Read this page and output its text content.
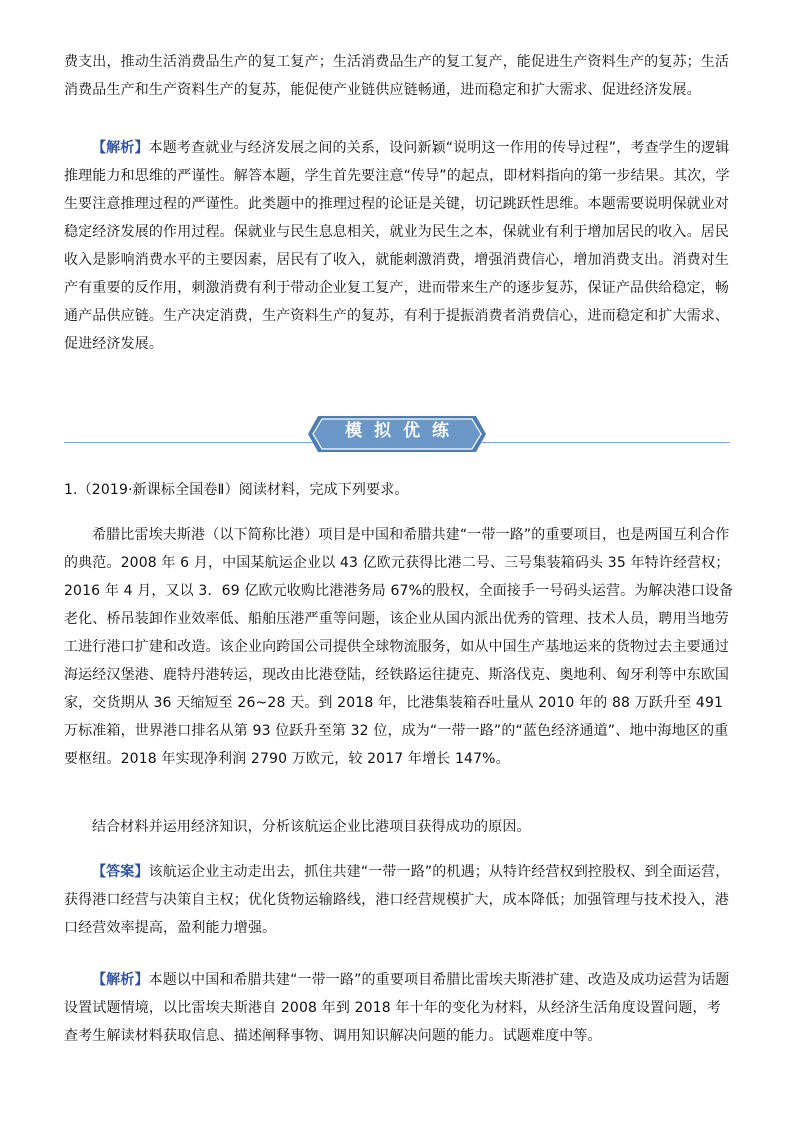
费支出，推动生活消费品生产的复工复产；生活消费品生产的复工复产，能促进生产资料生产的复苏；生活消费品生产和生产资料生产的复苏，能促使产业链供应链畅通，进而稳定和扩大需求、促进经济发展。

【解析】本题考查就业与经济发展之间的关系，设问新颖“说明这一作用的传导过程”，考查学生的逻辑推理能力和思维的严谨性。解答本题，学生首先要注意“传导”的起点，即材料指向的第一步结果。其次，学生要注意推理过程的严谨性。此类题中的推理过程的论证是关键，切记跳跃性思维。本题需要说明保就业对稳定经济发展的作用过程。保就业与民生息息相关，就业为民生之本，保就业有利于增加居民的收入。居民收入是影响消费水平的主要因素，居民有了收入，就能刺激消费，增强消费信心，增加消费支出。消费对生产有重要的反作用，刺激消费有利于带动企业复工复产，进而带来生产的逐步复苏，保证产品供给稳定，畅通产品供应链。生产决定消费，生产资料生产的复苏，有利于提振消费者消费信心，进而稳定和扩大需求、促进经济发展。

模拟优练

1.（2019·新课标全国卷Ⅱ）阅读材料，完成下列要求。

希腊比雷埃夫斯港（以下简称比港）项目是中国和希腊共建“一带一路”的重要项目，也是两国互利合作的典范。2008 年 6 月，中国某航运企业以 43 亿欧元获得比港二号、三号集装箱码头 35 年特许经营权；2016 年 4 月，又以 3．69 亿欧元收购比港港务局 67%的股权，全面接手一号码头运营。为解决港口设备老化、桥吊装卸作业效率低、船舶压港严重等问题，该企业从国内派出优秀的管理、技术人员，聘用当地劳工进行港口扩建和改造。该企业向跨国公司提供全球物流服务，如从中国生产基地运来的货物过去主要通过海运经汉堡港、鹿特丹港转运，现改由比港登陆，经铁路运往捷克、斯洛伐克、奥地利、匈牙利等中东欧国家，交货期从 36 天缩短至 26~28 天。到 2018 年，比港集装箱吞吐量从 2010 年的 88 万跃升至 491 万标准箱，世界港口排名从第 93 位跃升至第 32 位，成为“一带一路”的“蓝色经济通道”、地中海地区的重要枢纽。2018 年实现净利润 2790 万欧元，较 2017 年增长 147%。

结合材料并运用经济知识，分析该航运企业比港项目获得成功的原因。

【答案】该航运企业主动走出去，抓住共建“一带一路”的机遇；从特许经营权到控股权、到全面运营，获得港口经营与决策自主权；优化货物运输路线，港口经营规模扩大，成本降低；加强管理与技术投入，港口经营效率提高，盈利能力增强。

【解析】本题以中国和希腊共建“一带一路”的重要项目希腊比雷埃夫斯港扩建、改造及成功运营为话题设置试题情境，以比雷埃夫斯港自 2008 年到 2018 年十年的变化为材料，从经济生活角度设置问题，考查考生解读材料获取信息、描述阐释事物、调用知识解决问题的能力。试题难度中等。
